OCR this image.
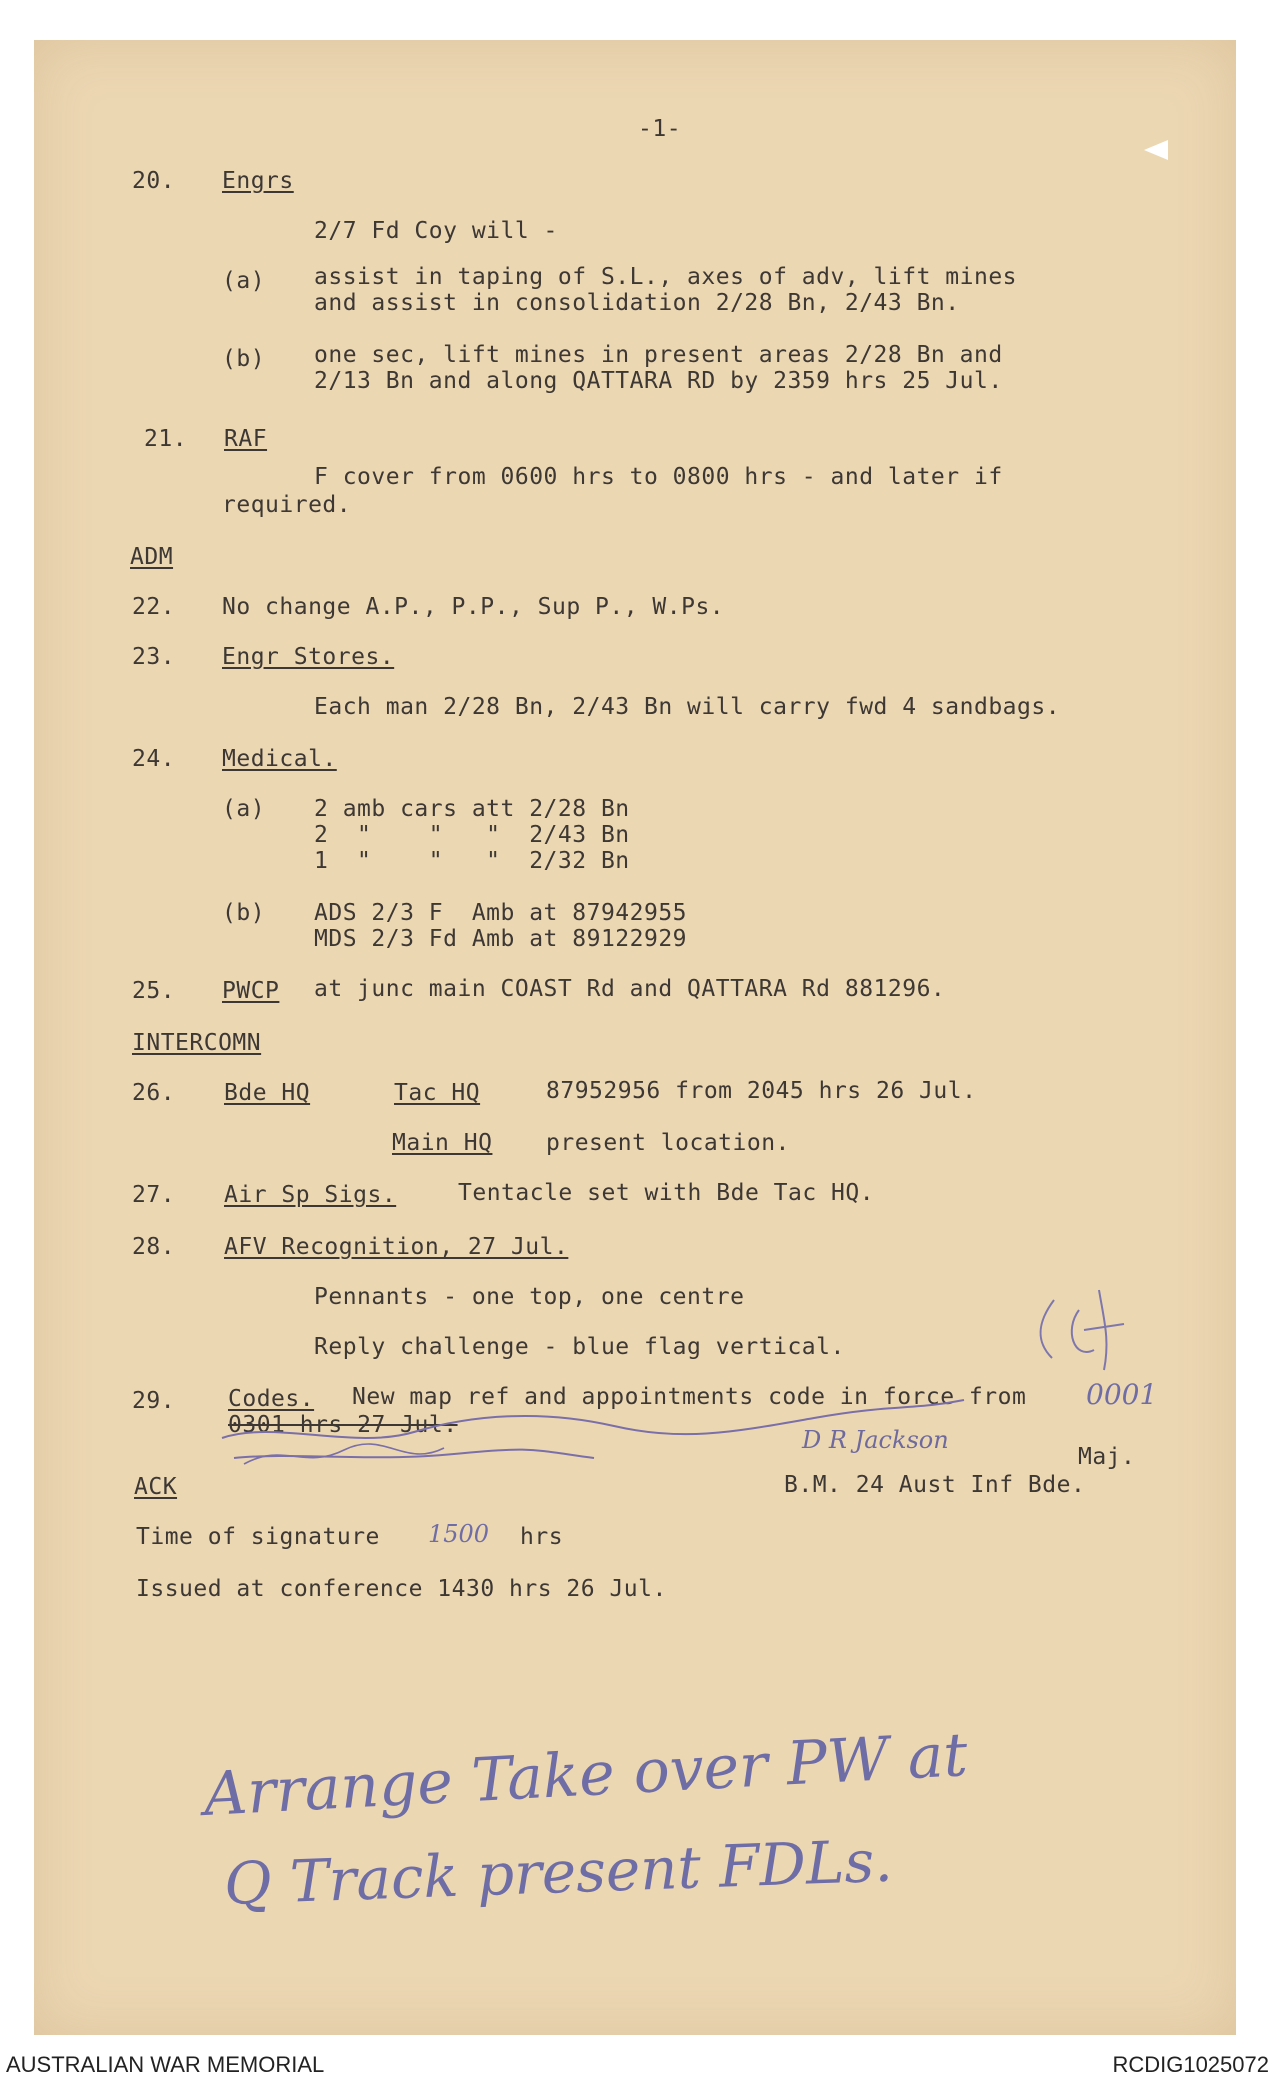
-1-
20. Engrs
2/7 Fd Coy will -
(a) assist in taping of S.L., axes of adv, lift mines
and assist in consolidation 2/28 Bn, 2/43 Bn.
(b) one sec, lift mines in present areas 2/28 Bn and
2/13 Bn and along QATTARA RD by 2359 hrs 25 Jul.
21. RAF
F cover from 0600 hrs to 0800 hrs - and later if
required.
ADM
22. No change A.P., P.P., Sup P., W.Ps.
23. Engr Stores.
Each man 2/28 Bn, 2/43 Bn will carry fwd 4 sandbags.
24. Medical.
(a) 2 amb cars att 2/28 Bn
2  "    "   "  2/43 Bn
1  "    "   "  2/32 Bn
(b) ADS 2/3 F  Amb at 87942955
MDS 2/3 Fd Amb at 89122929
25. PWCP at junc main COAST Rd and QATTARA Rd 881296.
INTERCOMN
26. Bde HQ	Tac HQ	87952956 from 2045 hrs 26 Jul.
Main HQ present location.
27. Air Sp Sigs.	Tentacle set with Bde Tac HQ.
28. AFV Recognition, 27 Jul.
Pennants - one top, one centre
Reply challenge - blue flag vertical.
29. Codes. New map ref and appointments code in force from
0301 hrs 27 Jul.
0001
ACK
D R Jackson
Maj.
B.M. 24 Aust Inf Bde.
Time of signature 1500 hrs
Issued at conference 1430 hrs 26 Jul.
Arrange Take over PW at
Q Track present FDLs.
AUSTRALIAN WAR MEMORIAL	RCDIG1025072
